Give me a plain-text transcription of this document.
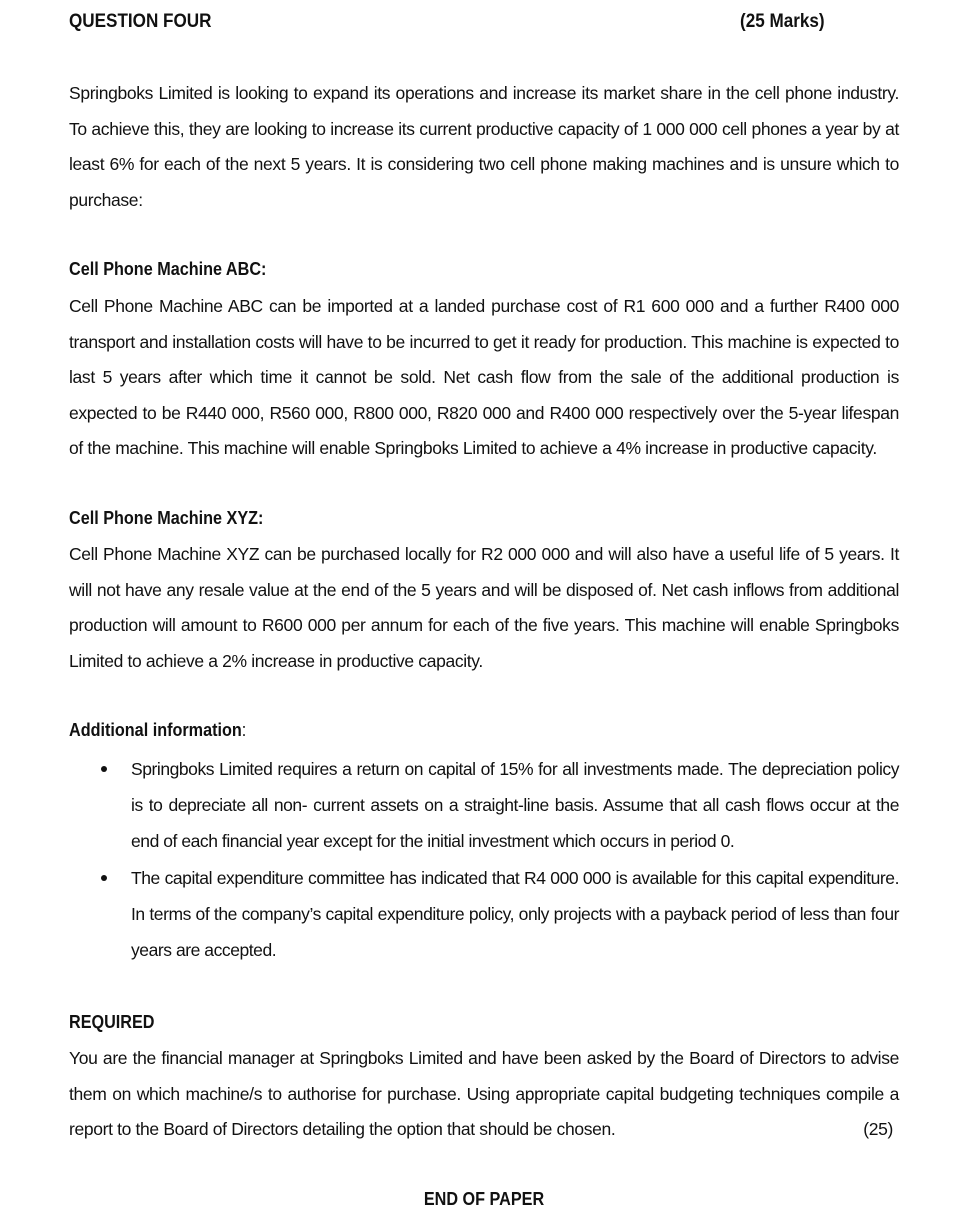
QUESTION FOUR	(25 Marks)

Springboks Limited is looking to expand its operations and increase its market share in the cell phone industry. To achieve this, they are looking to increase its current productive capacity of 1 000 000 cell phones a year by at least 6% for each of the next 5 years. It is considering two cell phone making machines and is unsure which to purchase:

Cell Phone Machine ABC:

Cell Phone Machine ABC can be imported at a landed purchase cost of R1 600 000 and a further R400 000 transport and installation costs will have to be incurred to get it ready for production. This machine is expected to last 5 years after which time it cannot be sold. Net cash flow from the sale of the additional production is expected to be R440 000, R560 000, R800 000, R820 000 and R400 000 respectively over the 5-year lifespan of the machine. This machine will enable Springboks Limited to achieve a 4% increase in productive capacity.

Cell Phone Machine XYZ:

Cell Phone Machine XYZ can be purchased locally for R2 000 000 and will also have a useful life of 5 years. It will not have any resale value at the end of the 5 years and will be disposed of. Net cash inflows from additional production will amount to R600 000 per annum for each of the five years. This machine will enable Springboks Limited to achieve a 2% increase in productive capacity.

Additional information:
Springboks Limited requires a return on capital of 15% for all investments made. The depreciation policy is to depreciate all non- current assets on a straight-line basis. Assume that all cash flows occur at the end of each financial year except for the initial investment which occurs in period 0.
The capital expenditure committee has indicated that R4 000 000 is available for this capital expenditure. In terms of the company’s capital expenditure policy, only projects with a payback period of less than four years are accepted.
REQUIRED
You are the financial manager at Springboks Limited and have been asked by the Board of Directors to advise them on which machine/s to authorise for purchase. Using appropriate capital budgeting techniques compile a report to the Board of Directors detailing the option that should be chosen.	(25)
END OF PAPER
